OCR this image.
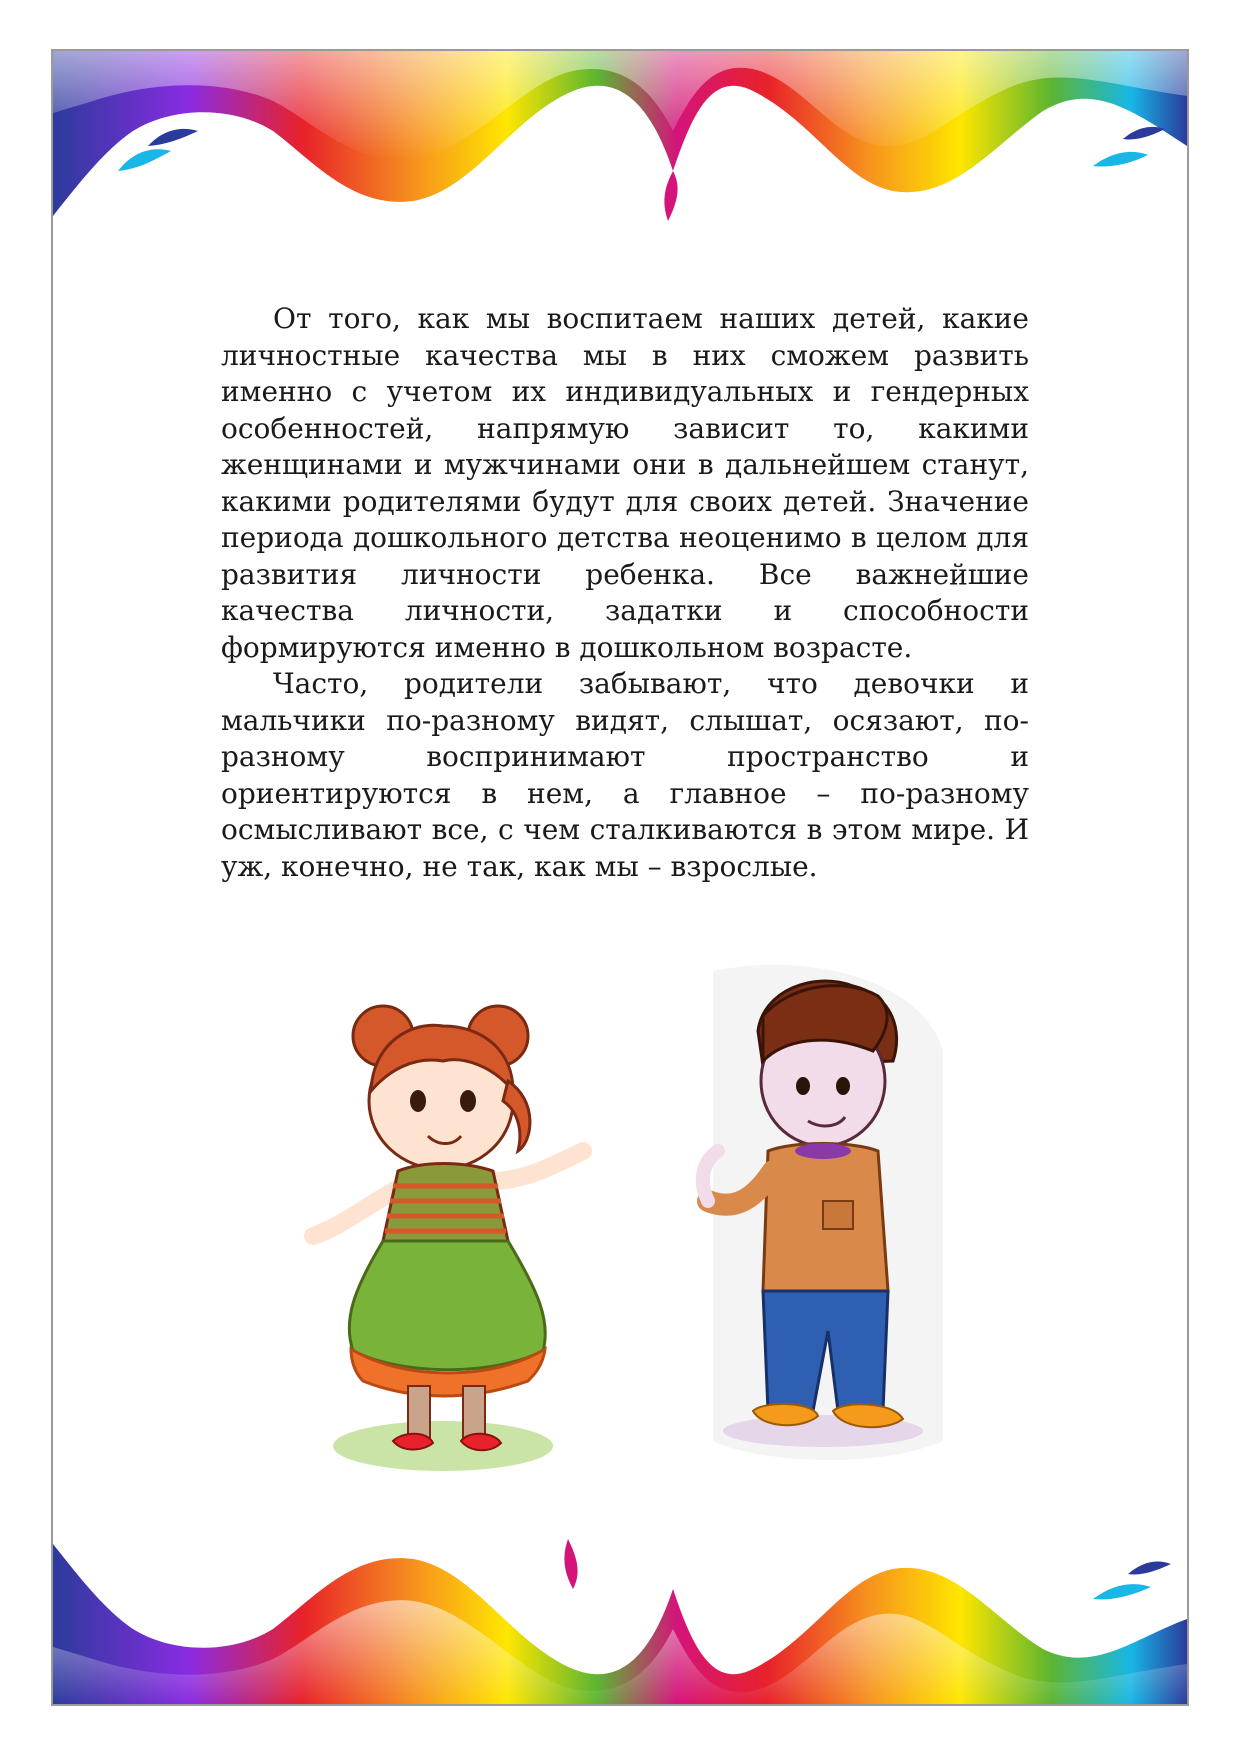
От того, как мы воспитаем наших детей, какие личностные качества мы в них сможем развить именно с учетом их индивидуальных и гендерных особенностей, напрямую зависит то, какими женщинами и мужчинами они в дальнейшем станут, какими родителями будут для своих детей. Значение периода дошкольного детства неоценимо в целом для развития личности ребенка. Все важнейшие качества личности, задатки и способности формируются именно в дошкольном возрасте.

Часто, родители забывают, что девочки и мальчики по-разному видят, слышат, осязают, по-разному воспринимают пространство и ориентируются в нем, а главное – по-разному осмысливают все, с чем сталкиваются в этом мире. И уж, конечно, не так, как мы – взрослые.
